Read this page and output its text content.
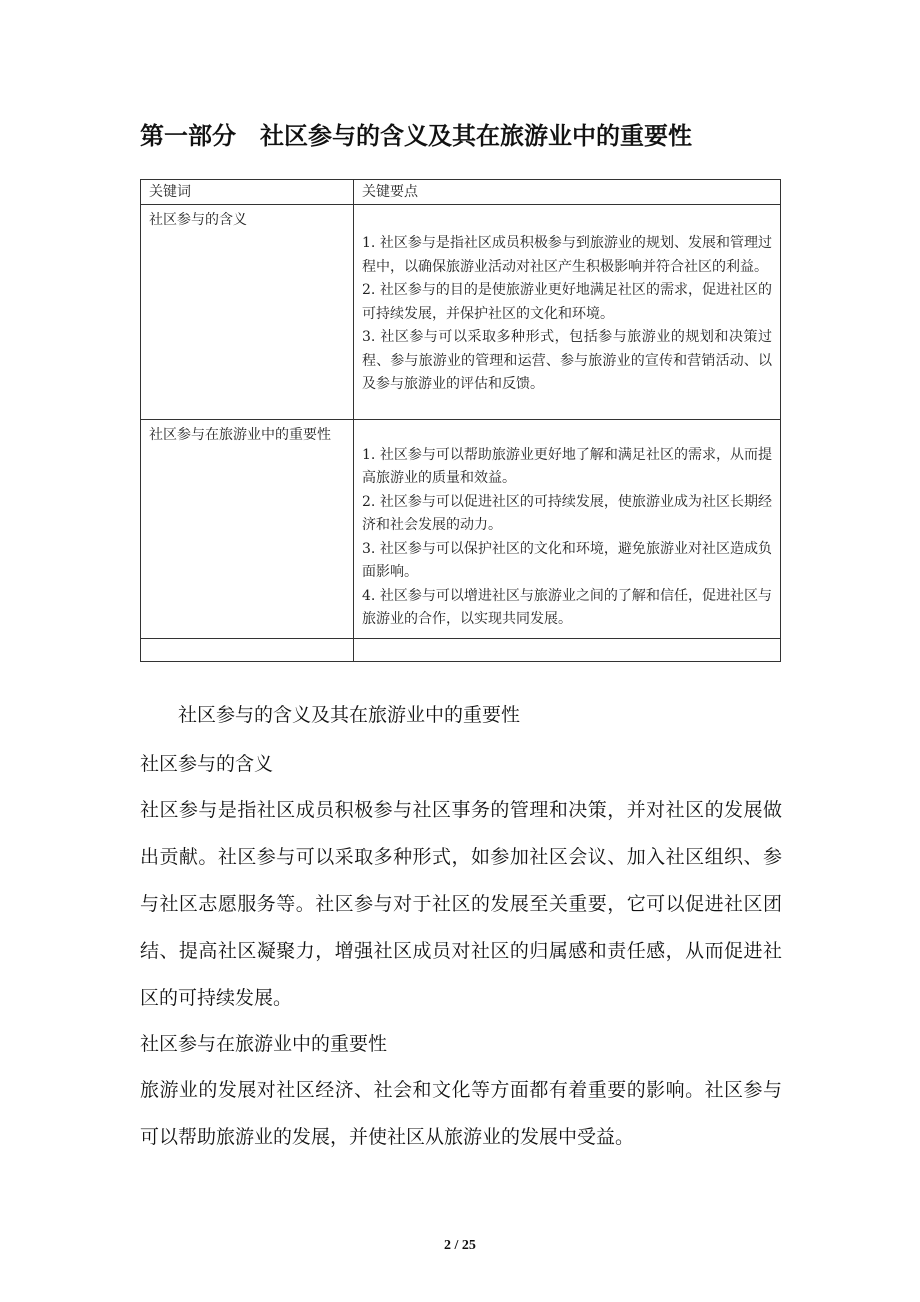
第一部分　社区参与的含义及其在旅游业中的重要性
关键词	关键要点

社区参与的含义	1. 社区参与是指社区成员积极参与到旅游业的规划、发展和管理过程中，以确保旅游业活动对社区产生积极影响并符合社区的利益。

2. 社区参与的目的是使旅游业更好地满足社区的需求，促进社区的可持续发展，并保护社区的文化和环境。

3. 社区参与可以采取多种形式，包括参与旅游业的规划和决策过程、参与旅游业的管理和运营、参与旅游业的宣传和营销活动、以及参与旅游业的评估和反馈。

社区参与在旅游业中的重要性	1. 社区参与可以帮助旅游业更好地了解和满足社区的需求，从而提高旅游业的质量和效益。

2. 社区参与可以促进社区的可持续发展，使旅游业成为社区长期经济和社会发展的动力。

3. 社区参与可以保护社区的文化和环境，避免旅游业对社区造成负面影响。

4. 社区参与可以增进社区与旅游业之间的了解和信任，促进社区与旅游业的合作，以实现共同发展。

社区参与的含义及其在旅游业中的重要性

社区参与的含义

社区参与是指社区成员积极参与社区事务的管理和决策，并对社区的发展做出贡献。社区参与可以采取多种形式，如参加社区会议、加入社区组织、参与社区志愿服务等。社区参与对于社区的发展至关重要，它可以促进社区团结、提高社区凝聚力，增强社区成员对社区的归属感和责任感，从而促进社区的可持续发展。

社区参与在旅游业中的重要性

旅游业的发展对社区经济、社会和文化等方面都有着重要的影响。社区参与可以帮助旅游业的发展，并使社区从旅游业的发展中受益。

2 / 25
